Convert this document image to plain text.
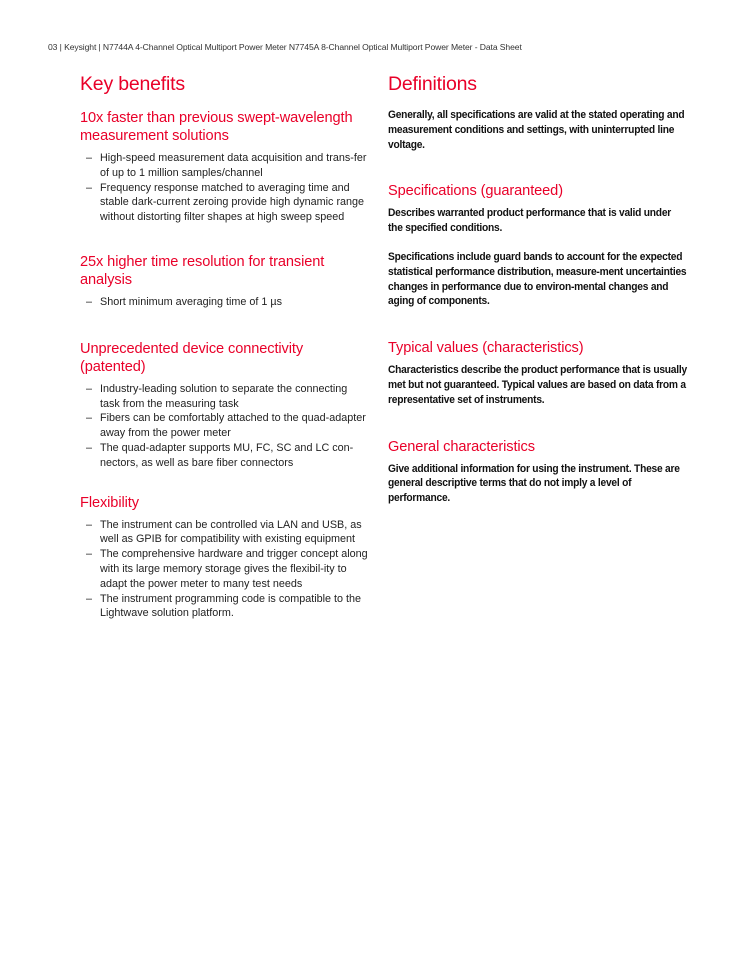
03 | Keysight | N7744A 4-Channel Optical Multiport Power Meter N7745A 8-Channel Optical Multiport Power Meter - Data Sheet
Key benefits
10x faster than previous swept-wavelength measurement solutions
– High-speed measurement data acquisition and trans-fer of up to 1 million samples/channel
– Frequency response matched to averaging time and stable dark-current zeroing provide high dynamic range without distorting filter shapes at high sweep speed
25x higher time resolution for transient analysis
– Short minimum averaging time of 1 µs
Unprecedented device connectivity (patented)
– Industry-leading solution to separate the connecting task from the measuring task
– Fibers can be comfortably attached to the quad-adapter away from the power meter
– The quad-adapter supports MU, FC, SC and LC con-nectors, as well as bare fiber connectors
Flexibility
– The instrument can be controlled via LAN and USB, as well as GPIB for compatibility with existing equipment
– The comprehensive hardware and trigger concept along with its large memory storage gives the flexibil-ity to adapt the power meter to many test needs
– The instrument programming code is compatible to the Lightwave solution platform.
Definitions

Generally, all specifications are valid at the stated operating and measurement conditions and settings, with uninterrupted line voltage.

Specifications (guaranteed)

Describes warranted product performance that is valid under the specified conditions.

Specifications include guard bands to account for the expected statistical performance distribution, measure-ment uncertainties changes in performance due to environ-mental changes and aging of components.

Typical values (characteristics)

Characteristics describe the product performance that is usually met but not guaranteed. Typical values are based on data from a representative set of instruments.

General characteristics

Give additional information for using the instrument. These are general descriptive terms that do not imply a level of performance.
